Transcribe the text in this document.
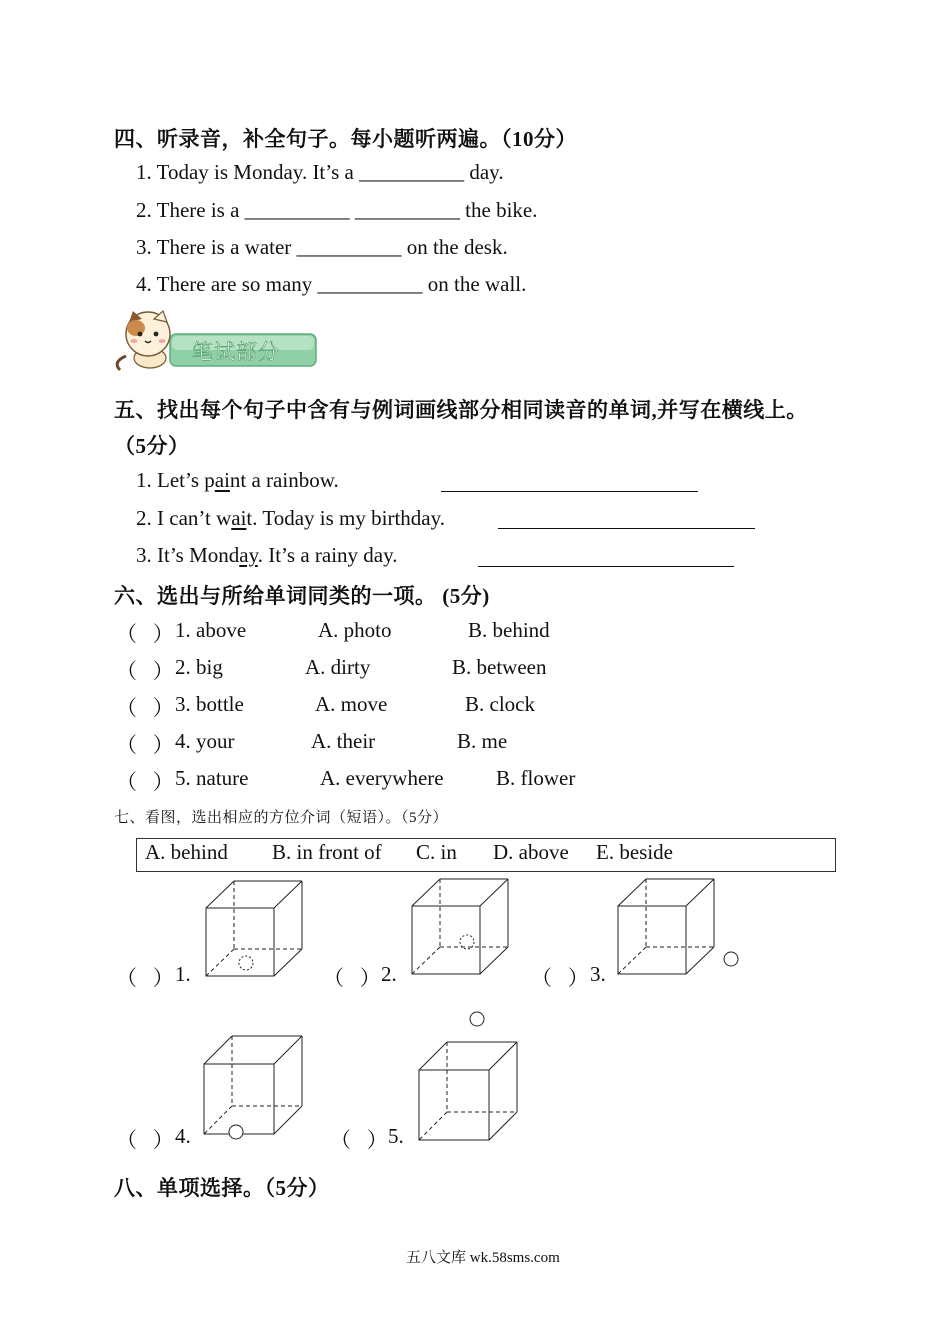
四、听录音，补全句子。每小题听两遍。（10分）
1. Today is Monday. It’s a __________ day.
2. There is a __________ __________ the bike.
3. There is a water __________ on the desk.
4. There are so many __________ on the wall.
笔试部分
五、找出每个句子中含有与例词画线部分相同读音的单词,并写在横线上。
（5分）
1. Let’s paint a rainbow.
2. I can’t wait. Today is my birthday.
3. It’s Monday. It’s a rainy day.
六、选出与所给单词同类的一项。 (5分)
（   ） 1. above	A. photo	B. behind
（   ） 2. big	A. dirty	B. between
（   ） 3. bottle	A. move	B. clock
（   ） 4. your	A. their	B. me
（   ） 5. nature	A. everywhere B. flower
七、看图，选出相应的方位介词（短语）。（5分）
A. behind B. in front of C. in D. above E. beside
（   ） 1.	（   ） 2.	（   ） 3.
（   ） 4.	（   ） 5.
八、单项选择。（5分）
五八文库 wk.58sms.com
